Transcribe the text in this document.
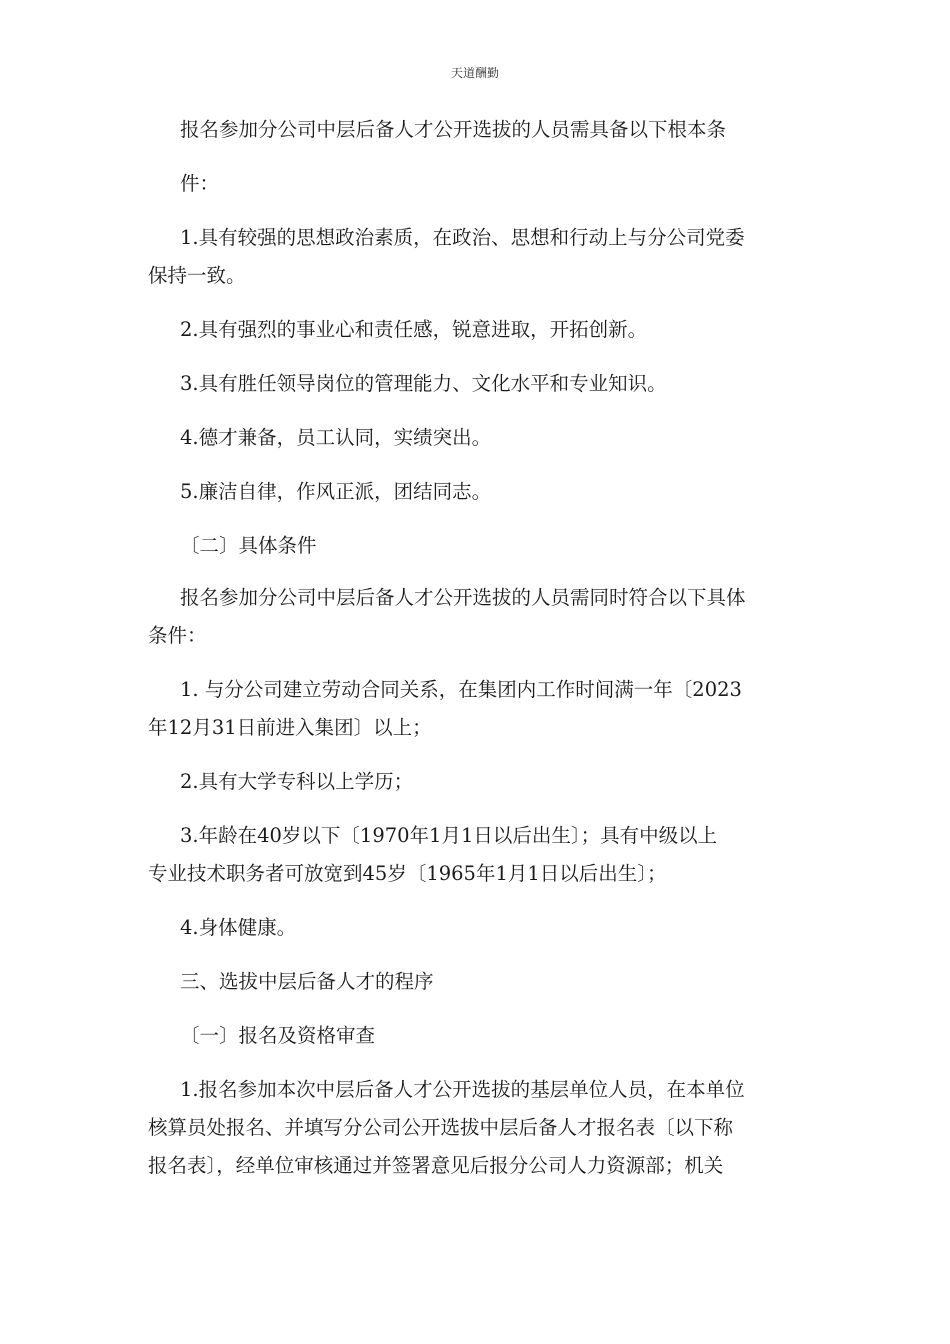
天道酬勤
报名参加分公司中层后备人才公开选拔的人员需具备以下根本条
件：
1.具有较强的思想政治素质，在政治、思想和行动上与分公司党委
保持一致。
2.具有强烈的事业心和责任感，锐意进取，开拓创新。
3.具有胜任领导岗位的管理能力、文化水平和专业知识。
4.德才兼备，员工认同，实绩突出。
5.廉洁自律，作风正派，团结同志。
〔二〕具体条件
报名参加分公司中层后备人才公开选拔的人员需同时符合以下具体
条件：
1. 与分公司建立劳动合同关系，在集团内工作时间满一年〔2023
年12月31日前进入集团〕以上；
2.具有大学专科以上学历；
3.年龄在40岁以下〔1970年1月1日以后出生〕；具有中级以上
专业技术职务者可放宽到45岁〔1965年1月1日以后出生〕；
4.身体健康。
三、选拔中层后备人才的程序
〔一〕报名及资格审查
1.报名参加本次中层后备人才公开选拔的基层单位人员，在本单位
核算员处报名、并填写分公司公开选拔中层后备人才报名表〔以下称
报名表〕，经单位审核通过并签署意见后报分公司人力资源部；机关
